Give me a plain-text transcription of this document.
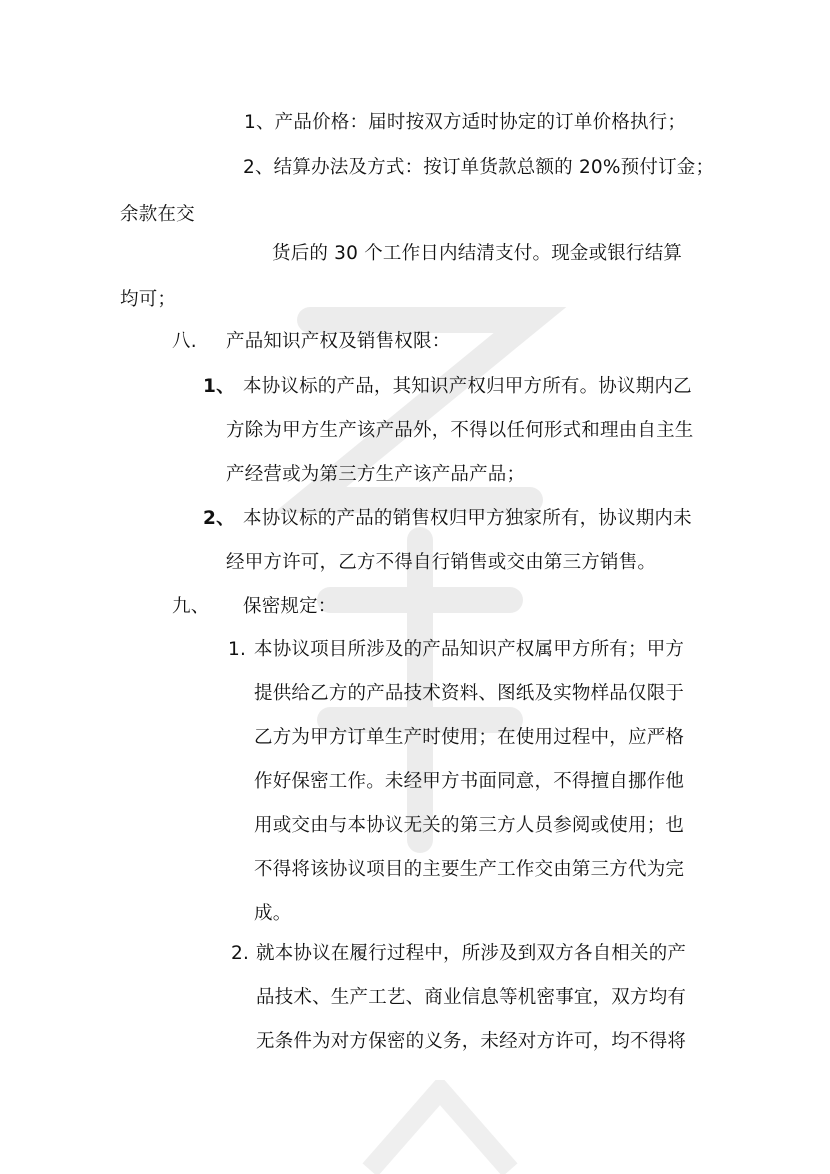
1、产品价格：届时按双方适时协定的订单价格执行；
2、结算办法及方式：按订单货款总额的 20%预付订金；
余款在交
货后的 30 个工作日内结清支付。现金或银行结算
均可；
八. 产品知识产权及销售权限：
1、 本协议标的产品，其知识产权归甲方所有。协议期内乙
方除为甲方生产该产品外，不得以任何形式和理由自主生
产经营或为第三方生产该产品产品；
2、 本协议标的产品的销售权归甲方独家所有，协议期内未
经甲方许可，乙方不得自行销售或交由第三方销售。
九、 保密规定：
1. 本协议项目所涉及的产品知识产权属甲方所有；甲方
提供给乙方的产品技术资料、图纸及实物样品仅限于
乙方为甲方订单生产时使用；在使用过程中，应严格
作好保密工作。未经甲方书面同意，不得擅自挪作他
用或交由与本协议无关的第三方人员参阅或使用；也
不得将该协议项目的主要生产工作交由第三方代为完
成。
2. 就本协议在履行过程中，所涉及到双方各自相关的产
品技术、生产工艺、商业信息等机密事宜，双方均有
无条件为对方保密的义务，未经对方许可，均不得将
